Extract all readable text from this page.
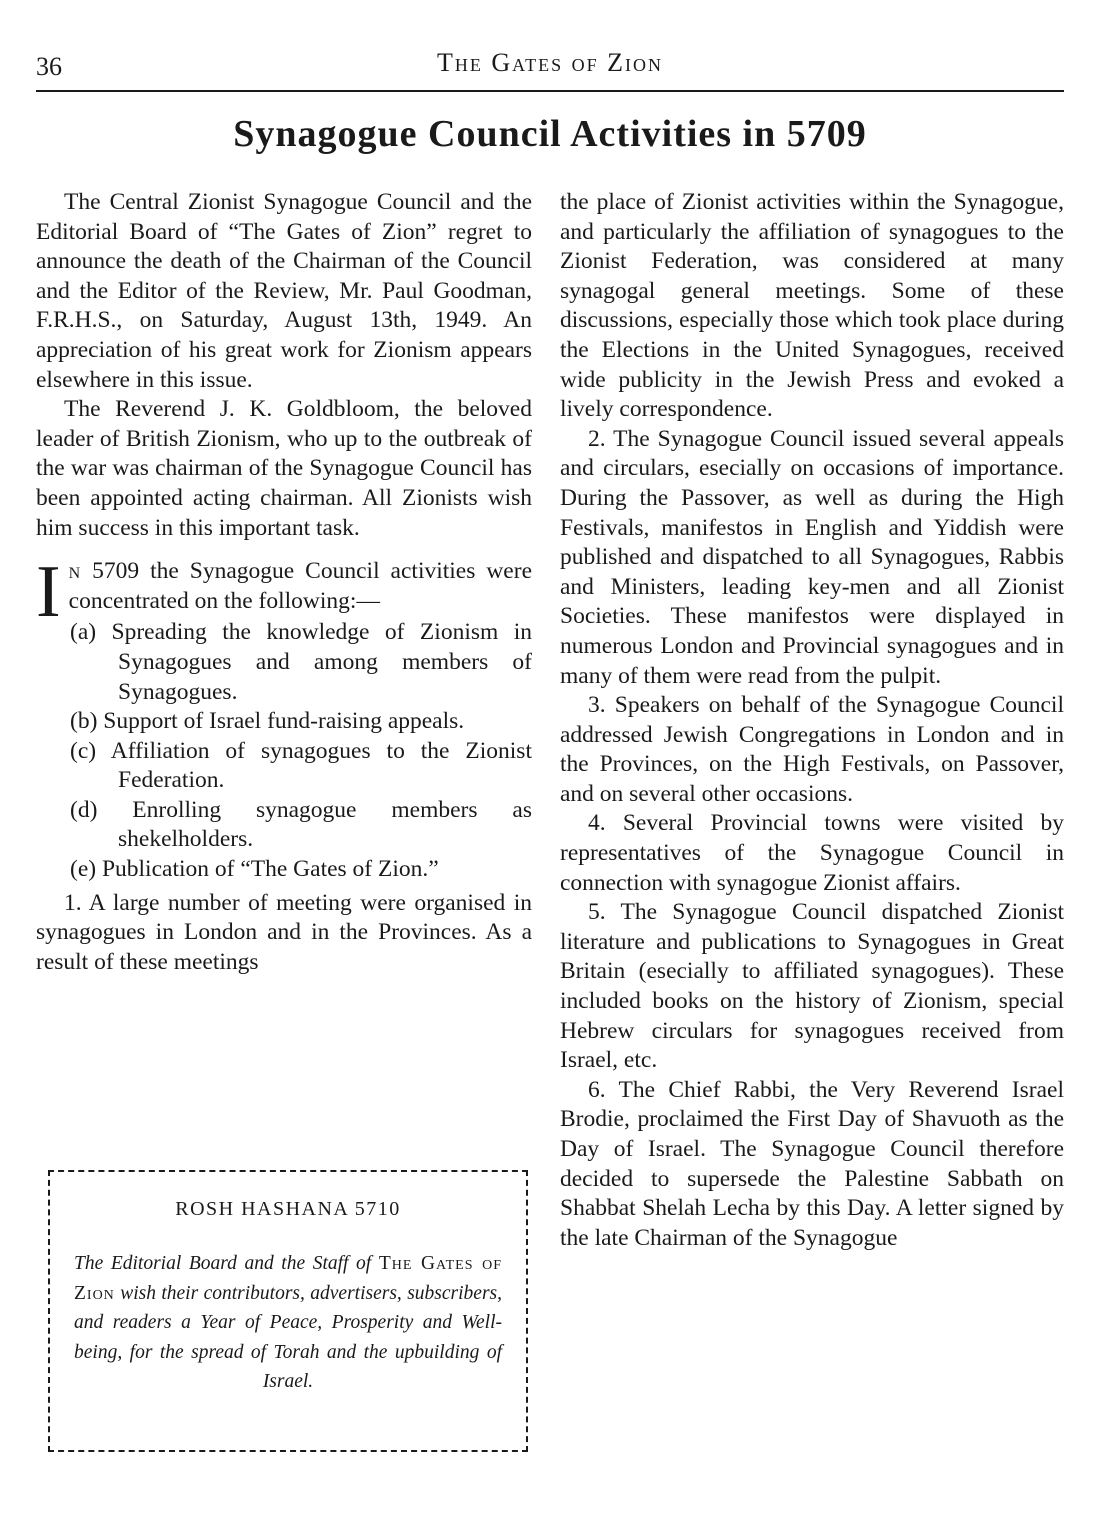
36	The Gates of Zion
Synagogue Council Activities in 5709

The Central Zionist Synagogue Council and the Editorial Board of “The Gates of Zion” regret to announce the death of the Chairman of the Council and the Editor of the Review, Mr. Paul Goodman, F.R.H.S., on Saturday, August 13th, 1949. An appreciation of his great work for Zionism appears elsewhere in this issue.

The Reverend J. K. Goldbloom, the beloved leader of British Zionism, who up to the outbreak of the war was chairman of the Synagogue Council has been appointed acting chairman. All Zionists wish him success in this important task.

In 5709 the Synagogue Council activities were concentrated on the following:—

(a) Spreading the knowledge of Zionism in Synagogues and among members of Synagogues.
(b) Support of Israel fund-raising appeals.
(c) Affiliation of synagogues to the Zionist Federation.
(d) Enrolling synagogue members as shekelholders.
(e) Publication of “The Gates of Zion.”

1. A large number of meeting were organised in synagogues in London and in the Provinces. As a result of these meetings

the place of Zionist activities within the Synagogue, and particularly the affiliation of synagogues to the Zionist Federation, was considered at many synagogal general meetings. Some of these discussions, especially those which took place during the Elections in the United Synagogues, received wide publicity in the Jewish Press and evoked a lively correspondence.

2. The Synagogue Council issued several appeals and circulars, esecially on occasions of importance. During the Passover, as well as during the High Festivals, manifestos in English and Yiddish were published and dispatched to all Synagogues, Rabbis and Ministers, leading key-men and all Zionist Societies. These manifestos were displayed in numerous London and Provincial synagogues and in many of them were read from the pulpit.

3. Speakers on behalf of the Synagogue Council addressed Jewish Congregations in London and in the Provinces, on the High Festivals, on Passover, and on several other occasions.

4. Several Provincial towns were visited by representatives of the Synagogue Council in connection with synagogue Zionist affairs.

5. The Synagogue Council dispatched Zionist literature and publications to Synagogues in Great Britain (esecially to affiliated synagogues). These included books on the history of Zionism, special Hebrew circulars for synagogues received from Israel, etc.

6. The Chief Rabbi, the Very Reverend Israel Brodie, proclaimed the First Day of Shavuoth as the Day of Israel. The Synagogue Council therefore decided to supersede the Palestine Sabbath on Shabbat Shelah Lecha by this Day. A letter signed by the late Chairman of the Synagogue

ROSH HASHANA 5710
The Editorial Board and the Staff of The Gates of Zion wish their contributors, advertisers, subscribers, and readers a Year of Peace, Prosperity and Well-being, for the spread of Torah and the upbuilding of Israel.
